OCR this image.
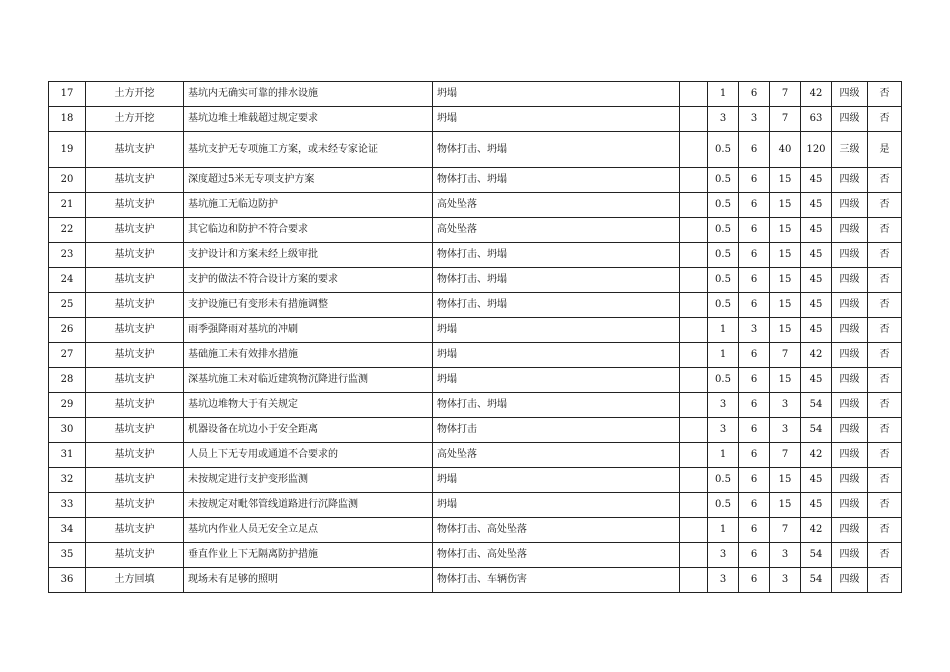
17	土方开挖	基坑内无确实可靠的排水设施	坍塌		1	6	7	42	四级	否
18	土方开挖	基坑边堆土堆载超过规定要求	坍塌		3	3	7	63	四级	否
19	基坑支护	基坑支护无专项施工方案，或未经专家论证	物体打击、坍塌		0.5	6	40	120	三级	是
20	基坑支护	深度超过5米无专项支护方案	物体打击、坍塌		0.5	6	15	45	四级	否
21	基坑支护	基坑施工无临边防护	高处坠落		0.5	6	15	45	四级	否
22	基坑支护	其它临边和防护不符合要求	高处坠落		0.5	6	15	45	四级	否
23	基坑支护	支护设计和方案未经上级审批	物体打击、坍塌		0.5	6	15	45	四级	否
24	基坑支护	支护的做法不符合设计方案的要求	物体打击、坍塌		0.5	6	15	45	四级	否
25	基坑支护	支护设施已有变形未有措施调整	物体打击、坍塌		0.5	6	15	45	四级	否
26	基坑支护	雨季强降雨对基坑的冲刷	坍塌		1	3	15	45	四级	否
27	基坑支护	基础施工未有效排水措施	坍塌		1	6	7	42	四级	否
28	基坑支护	深基坑施工未对临近建筑物沉降进行监测	坍塌		0.5	6	15	45	四级	否
29	基坑支护	基坑边堆物大于有关规定	物体打击、坍塌		3	6	3	54	四级	否
30	基坑支护	机器设备在坑边小于安全距离	物体打击		3	6	3	54	四级	否
31	基坑支护	人员上下无专用或通道不合要求的	高处坠落		1	6	7	42	四级	否
32	基坑支护	未按规定进行支护变形监测	坍塌		0.5	6	15	45	四级	否
33	基坑支护	未按规定对毗邻管线道路进行沉降监测	坍塌		0.5	6	15	45	四级	否
34	基坑支护	基坑内作业人员无安全立足点	物体打击、高处坠落		1	6	7	42	四级	否
35	基坑支护	垂直作业上下无隔离防护措施	物体打击、高处坠落		3	6	3	54	四级	否
36	土方回填	现场未有足够的照明	物体打击、车辆伤害		3	6	3	54	四级	否
